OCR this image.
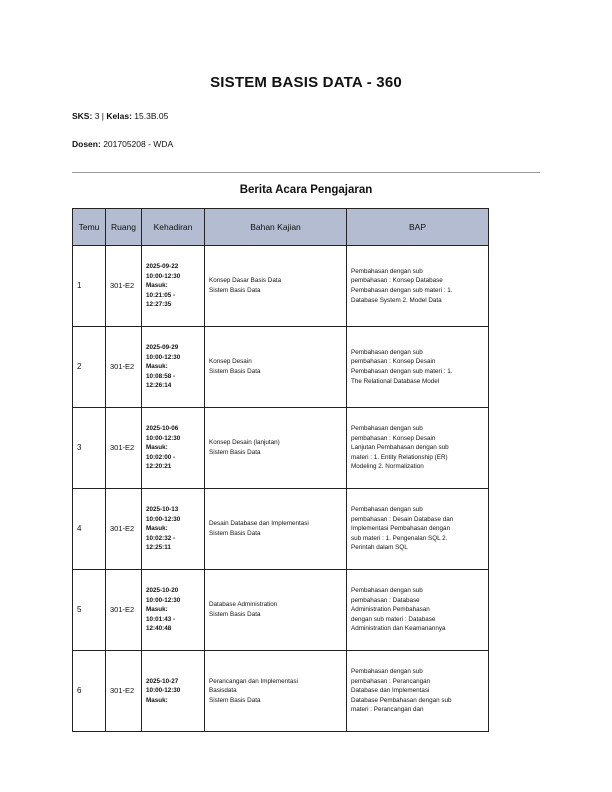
SISTEM BASIS DATA - 360
SKS: 3 | Kelas: 15.3B.05
Dosen: 201705208 - WDA
Berita Acara Pengajaran
Temu	Ruang	Kehadiran	Bahan Kajian	BAP
1	301-E2	2025-09-22
10:00-12:30
Masuk:
10:21:05 -
12:27:35	Konsep Dasar Basis Data
Sistem Basis Data	Pembahasan dengan sub
pembahasan : Konsep Database
Pembahasan dengan sub materi : 1.
Database System 2. Model Data

2	301-E2	2025-09-29
10:00-12:30
Masuk:
10:08:58 -
12:26:14	Konsep Desain
Sistem Basis Data	Pembahasan dengan sub
pembahasan : Konsep Desain
Pembahasan dengan sub materi : 1.
The Relational Database Model

3	301-E2	2025-10-06
10:00-12:30
Masuk:
10:02:00 -
12:20:21	Konsep Desain (lanjutan)
Sistem Basis Data	Pembahasan dengan sub
pembahasan : Konsep Desain
Lanjutan Pembahasan dengan sub
materi : 1. Entity Relationship (ER)
Modeling 2. Normalization

4	301-E2	2025-10-13
10:00-12:30
Masuk:
10:02:32 -
12:25:11	Desain Database dan Implementasi
Sistem Basis Data	Pembahasan dengan sub
pembahasan : Desain Database dan
Implementasi Pembahasan dengan
sub materi : 1. Pengenalan SQL 2.
Perintah dalam SQL

5	301-E2	2025-10-20
10:00-12:30
Masuk:
10:01:43 -
12:40:48	Database Administration
Sistem Basis Data	Pembahasan dengan sub
pembahasan : Database
Administration Pembahasan
dengan sub materi : Database
Administration dan Keamanannya

6	301-E2	2025-10-27
10:00-12:30
Masuk:	Perancangan dan Implementasi
Basisdata
Sistem Basis Data	Pembahasan dengan sub
pembahasan : Perancangan
Database dan Implementasi
Database Pembahasan dengan sub
materi : Perancangan dan
